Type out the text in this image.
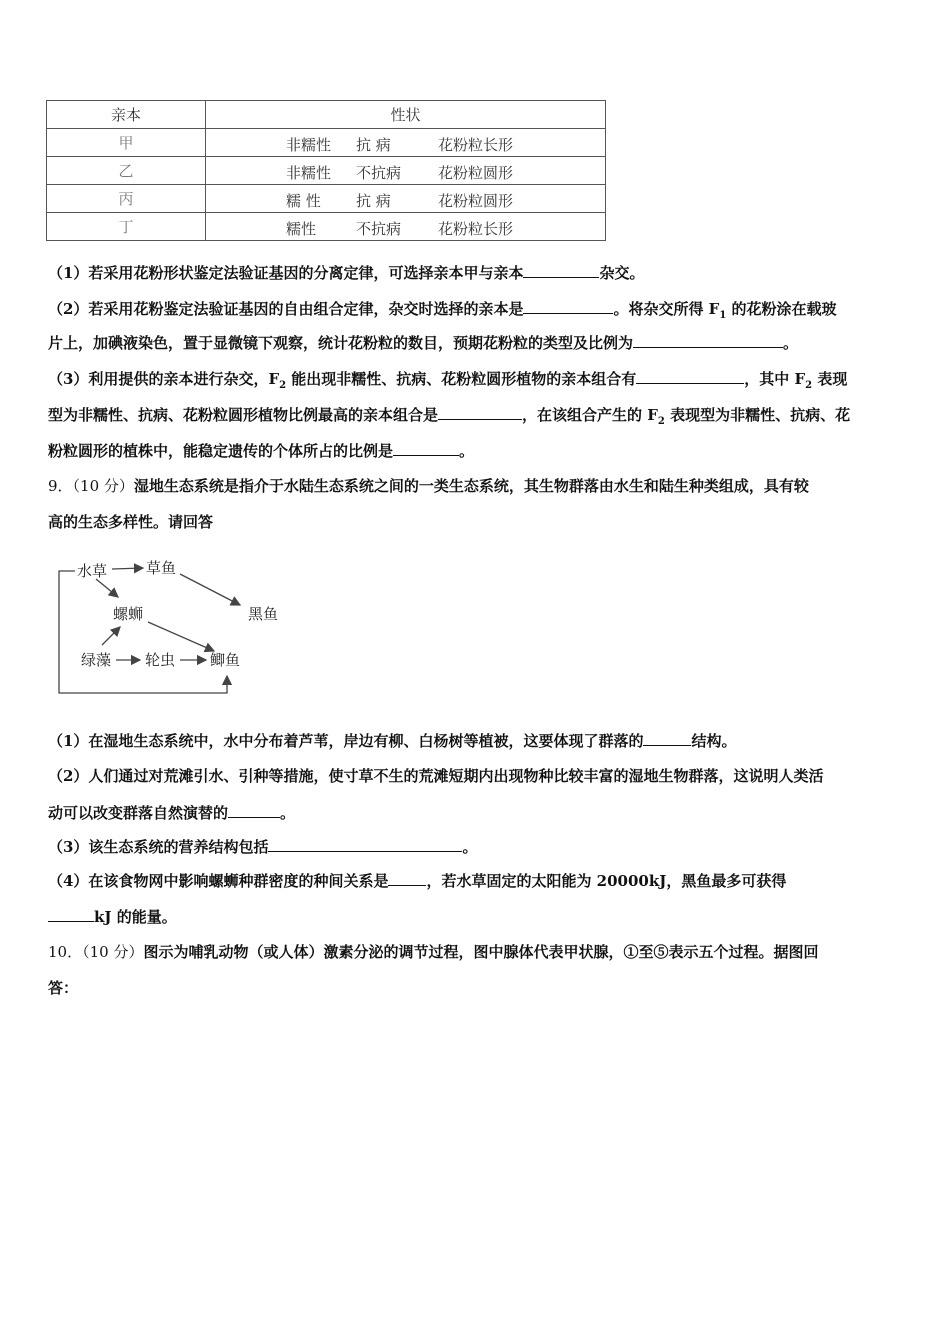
亲本	性状
甲	非糯性 抗 病 花粉粒长形

乙	非糯性 不抗病 花粉粒圆形

丙	糯 性 抗 病 花粉粒圆形

丁	糯性 不抗病 花粉粒长形
（1）若采用花粉形状鉴定法验证基因的分离定律，可选择亲本甲与亲本	杂交。
（2）若采用花粉鉴定法验证基因的自由组合定律，杂交时选择的亲本是	。将杂交所得 $F_1$ 的花粉涂在载玻
片上，加碘液染色，置于显微镜下观察，统计花粉粒的数目，预期花粉粒的类型及比例为	。
（3）利用提供的亲本进行杂交，$F_2$ 能出现非糯性、抗病、花粉粒圆形植物的亲本组合有	，其中 $F_2$ 表现
型为非糯性、抗病、花粉粒圆形植物比例最高的亲本组合是	，在该组合产生的 $F_2$ 表现型为非糯性、抗病、花
粉粒圆形的植株中，能稳定遗传的个体所占的比例是	。
9．（10 分）湿地生态系统是指介于水陆生态系统之间的一类生态系统，其生物群落由水生和陆生种类组成，具有较
高的生态多样性。请回答
水草	草鱼
黑鱼
螺蛳
绿藻 轮虫 鲫鱼
（1）在湿地生态系统中，水中分布着芦苇，岸边有柳、白杨树等植被，这要体现了群落的	结构。
（2）人们通过对荒滩引水、引种等措施，使寸草不生的荒滩短期内出现物种比较丰富的湿地生物群落，这说明人类活
动可以改变群落自然演替的	。
（3）该生态系统的营养结构包括	。
（4）在该食物网中影响螺蛳种群密度的种间关系是	，若水草固定的太阳能为 20000kJ，黑鱼最多可获得
kJ 的能量。
10．（10 分）图示为哺乳动物（或人体）激素分泌的调节过程，图中腺体代表甲状腺，①至⑤表示五个过程。据图回
答：
